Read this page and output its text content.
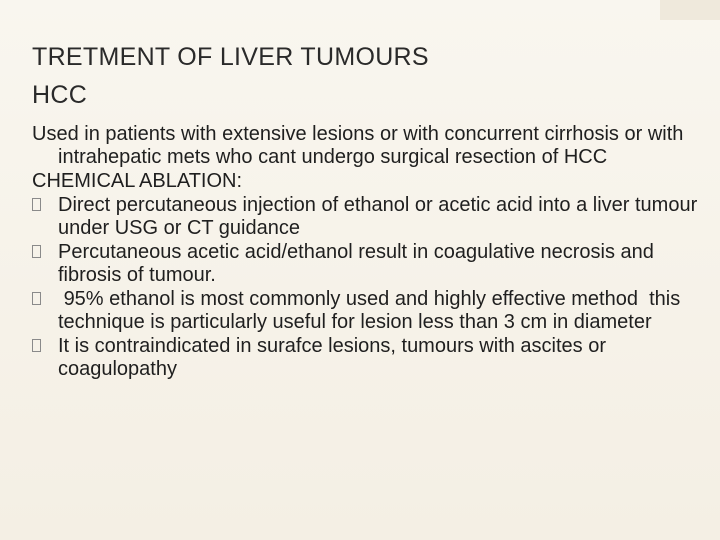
TRETMENT OF LIVER TUMOURS
HCC

Used in patients with extensive lesions or with concurrent cirrhosis or with intrahepatic mets who cant undergo surgical resection of HCC

CHEMICAL ABLATION:

Direct percutaneous injection of ethanol or acetic acid into a liver tumour under USG or CT guidance
Percutaneous acetic acid/ethanol result in coagulative necrosis and fibrosis of tumour.
95% ethanol is most commonly used and highly effective method  this technique is particularly useful for lesion less than 3 cm in diameter
It is contraindicated in surafce lesions, tumours with ascites or coagulopathy
